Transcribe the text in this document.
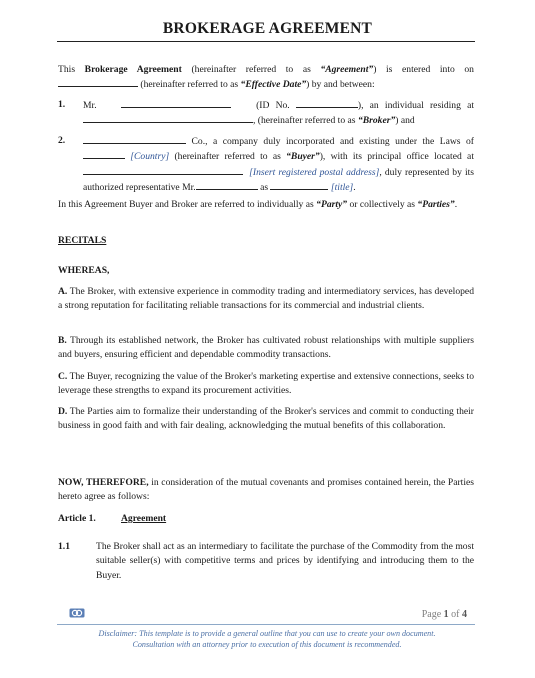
BROKERAGE AGREEMENT
This Brokerage Agreement (hereinafter referred to as “Agreement”) is entered into on  (hereinafter referred to as “Effective Date”) by and between:
1. Mr.	(ID No.	), an individual residing at , (hereinafter referred to as “Broker”) and
2.	Co., a company duly incorporated and existing under the Laws of  [Country] (hereinafter referred to as “Buyer”), with its principal office located at   [Insert registered postal address], duly represented by its authorized representative Mr.	as	[title].
In this Agreement Buyer and Broker are referred to individually as “Party” or collectively as “Parties”.
RECITALS
WHEREAS,
A. The Broker, with extensive experience in commodity trading and intermediatory services, has developed a strong reputation for facilitating reliable transactions for its commercial and industrial clients.
B. Through its established network, the Broker has cultivated robust relationships with multiple suppliers and buyers, ensuring efficient and dependable commodity transactions.
C. The Buyer, recognizing the value of the Broker's marketing expertise and extensive connections, seeks to leverage these strengths to expand its procurement activities.
D. The Parties aim to formalize their understanding of the Broker's services and commit to conducting their business in good faith and with fair dealing, acknowledging the mutual benefits of this collaboration.
NOW, THEREFORE, in consideration of the mutual covenants and promises contained herein, the Parties hereto agree as follows:
Article 1.	Agreement
1.1	The Broker shall act as an intermediary to facilitate the purchase of the Commodity from the most suitable seller(s) with competitive terms and prices by identifying and introducing them to the Buyer.
Page 1 of 4
Disclaimer: This template is to provide a general outline that you can use to create your own document.
Consultation with an attorney prior to execution of this document is recommended.
